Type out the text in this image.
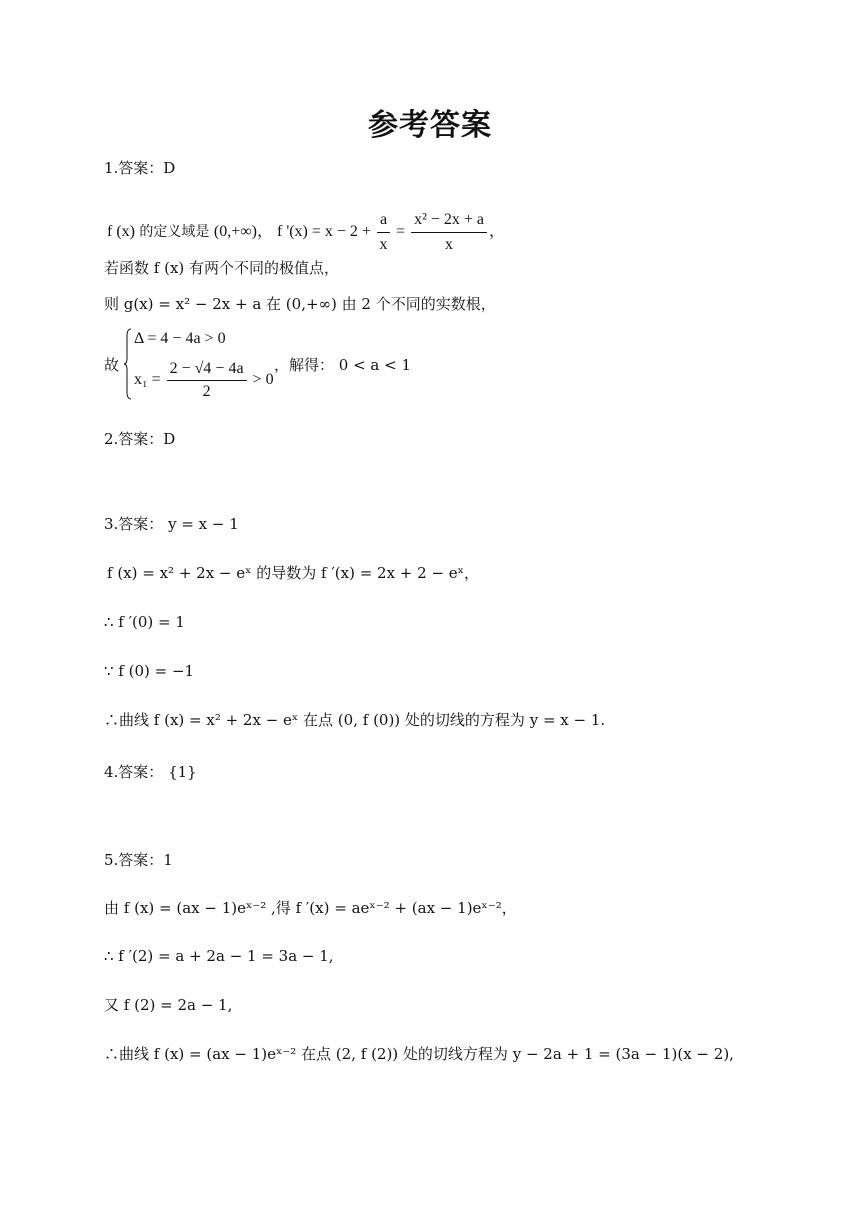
参考答案
1.答案：D
f (x) 的定义域是 (0,+∞)， f '$(x) = x - 2 + \frac{a}{x} = \frac{\text{x² − 2x + a}}{x}$ ，
若函数 f (x) 有两个不同的极值点，
则 g(x) = x² − 2x + a 在 (0,+∞) 由 2 个不同的实数根，
故
Δ = 4 − 4a > 0
$x_1 = \frac{2 - √4 - 4a}{2} > 0$
，解得： 0 < a < 1
2.答案：D
3.答案： y = x − 1
f (x) = x² + 2x − eˣ 的导数为 f ′(x) = 2x + 2 − eˣ，
∴ f ′(0) = 1
∵ f (0) = −1
∴曲线 f (x) = x² + 2x − eˣ 在点 (0, f (0)) 处的切线的方程为 y = x − 1.
4.答案： {1}
5.答案：1
由 f (x) = (ax − 1)eˣ⁻² ,得 f ′(x) = aeˣ⁻² + (ax − 1)eˣ⁻²，
∴ f ′(2) = a + 2a − 1 = 3a − 1,
又 f (2) = 2a − 1,
∴曲线 f (x) = (ax − 1)eˣ⁻² 在点 (2, f (2)) 处的切线方程为 y − 2a + 1 = (3a − 1)(x − 2),
